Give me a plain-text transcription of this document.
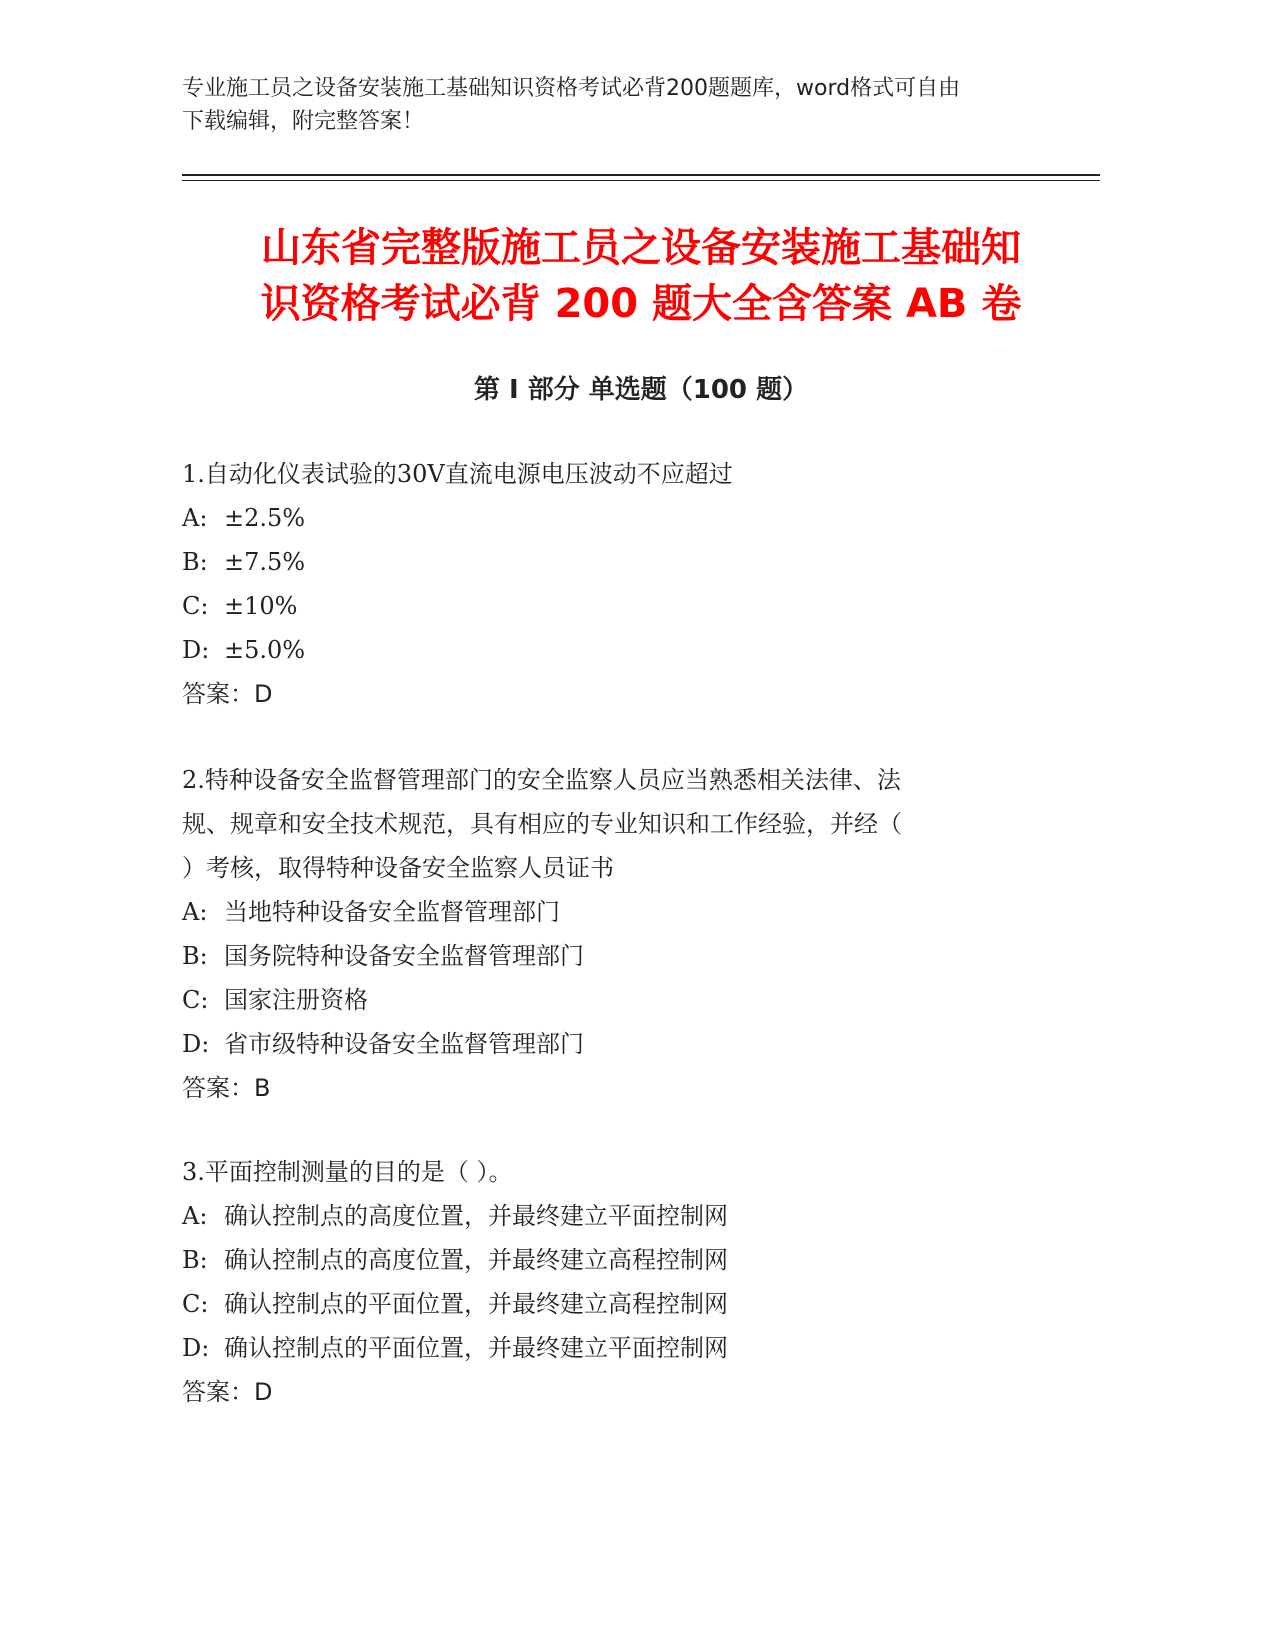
专业施工员之设备安装施工基础知识资格考试必背200题题库，word格式可自由
下载编辑，附完整答案！
山东省完整版施工员之设备安装施工基础知
识资格考试必背 200 题大全含答案 AB 卷
第 I 部分 单选题（100 题）
1.自动化仪表试验的30V直流电源电压波动不应超过
A: ±2.5%
B: ±7.5%
C: ±10%
D: ±5.0%
答案：D
2.特种设备安全监督管理部门的安全监察人员应当熟悉相关法律、法
规、规章和安全技术规范，具有相应的专业知识和工作经验，并经（
）考核，取得特种设备安全监察人员证书
A: 当地特种设备安全监督管理部门
B: 国务院特种设备安全监督管理部门
C: 国家注册资格
D: 省市级特种设备安全监督管理部门
答案：B
3.平面控制测量的目的是（ ）。
A: 确认控制点的高度位置，并最终建立平面控制网
B: 确认控制点的高度位置，并最终建立高程控制网
C: 确认控制点的平面位置，并最终建立高程控制网
D: 确认控制点的平面位置，并最终建立平面控制网
答案：D
